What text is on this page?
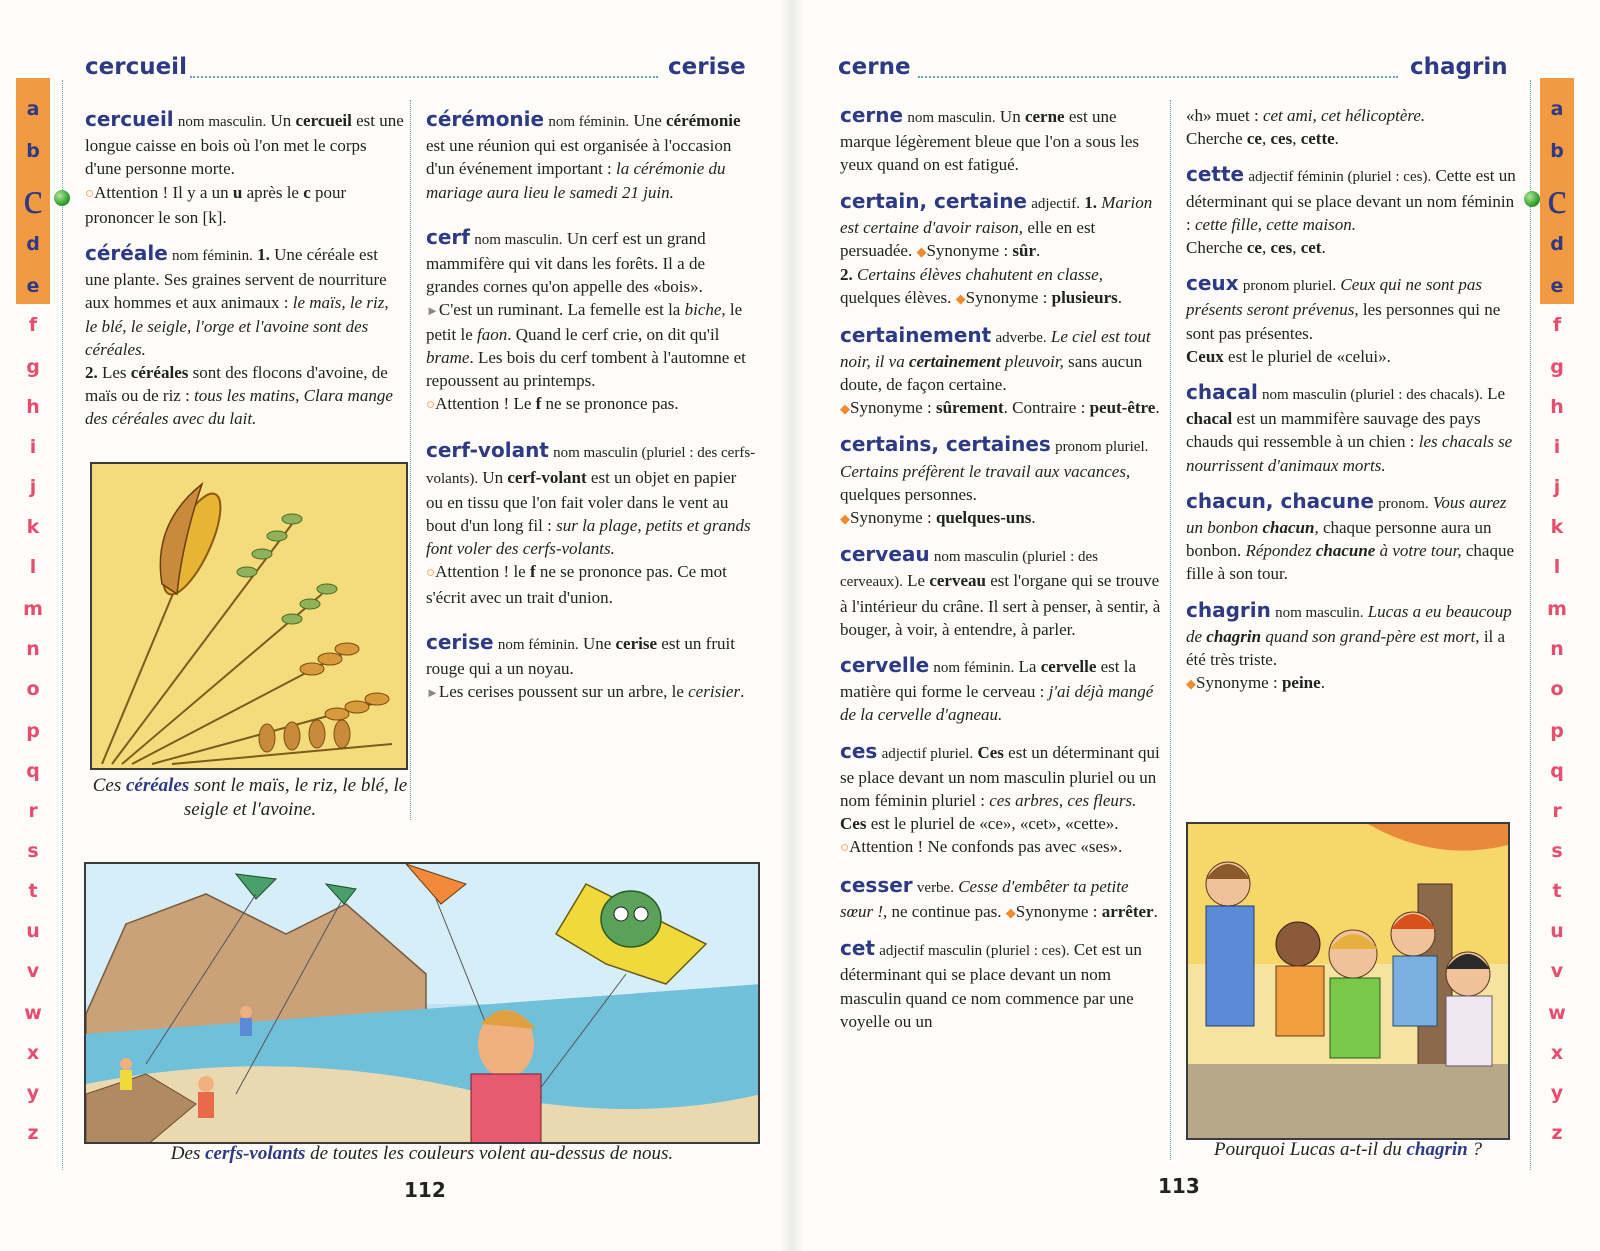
cercueil	cerise
a
b
c
d
e
f
g
h
i
j
k
l
m
n
o
p
q
r
s
t
u
v
w
x
y
z
cercueil nom masculin. Un cercueil est une longue caisse en bois où l'on met le corps d'une personne morte.
○Attention ! Il y a un u après le c pour prononcer le son [k].
céréale nom féminin. 1. Une céréale est une plante. Ses graines servent de nourriture aux hommes et aux animaux : le maïs, le riz, le blé, le seigle, l'orge et l'avoine sont des céréales.
2. Les céréales sont des flocons d'avoine, de maïs ou de riz : tous les matins, Clara mange des céréales avec du lait.
Ces céréales sont le maïs, le riz, le blé, le seigle et l'avoine.
cérémonie nom féminin. Une cérémonie est une réunion qui est organisée à l'occasion d'un événement important : la cérémonie du mariage aura lieu le samedi 21 juin.
cerf nom masculin. Un cerf est un grand mammifère qui vit dans les forêts. Il a de grandes cornes qu'on appelle des «bois».
►C'est un ruminant. La femelle est la biche, le petit le faon. Quand le cerf crie, on dit qu'il brame. Les bois du cerf tombent à l'automne et repoussent au printemps.
○Attention ! Le f ne se prononce pas.
cerf-volant nom masculin (pluriel : des cerfs-volants). Un cerf-volant est un objet en papier ou en tissu que l'on fait voler dans le vent au bout d'un long fil : sur la plage, petits et grands font voler des cerfs-volants.
○Attention ! le f ne se prononce pas. Ce mot s'écrit avec un trait d'union.
cerise nom féminin. Une cerise est un fruit rouge qui a un noyau.
►Les cerises poussent sur un arbre, le cerisier.
Des cerfs-volants de toutes les couleurs volent au-dessus de nous.
112
cerne	chagrin
a
b
c
d
e
f
g
h
i
j
k
l
m
n
o
p
q
r
s
t
u
v
w
x
y
z
cerne nom masculin. Un cerne est une marque légèrement bleue que l'on a sous les yeux quand on est fatigué.
certain, certaine adjectif. 1. Marion est certaine d'avoir raison, elle en est persuadée. ◆Synonyme : sûr.
2. Certains élèves chahutent en classe, quelques élèves. ◆Synonyme : plusieurs.
certainement adverbe. Le ciel est tout noir, il va certainement pleuvoir, sans aucun doute, de façon certaine.
◆Synonyme : sûrement. Contraire : peut-être.
certains, certaines pronom pluriel. Certains préfèrent le travail aux vacances, quelques personnes.
◆Synonyme : quelques-uns.
cerveau nom masculin (pluriel : des cerveaux). Le cerveau est l'organe qui se trouve à l'intérieur du crâne. Il sert à penser, à sentir, à bouger, à voir, à entendre, à parler.
cervelle nom féminin. La cervelle est la matière qui forme le cerveau : j'ai déjà mangé de la cervelle d'agneau.
ces adjectif pluriel. Ces est un déterminant qui se place devant un nom masculin pluriel ou un nom féminin pluriel : ces arbres, ces fleurs.
Ces est le pluriel de «ce», «cet», «cette».
○Attention ! Ne confonds pas avec «ses».
cesser verbe. Cesse d'embêter ta petite sœur !, ne continue pas. ◆Synonyme : arrêter.
cet adjectif masculin (pluriel : ces). Cet est un déterminant qui se place devant un nom masculin quand ce nom commence par une voyelle ou un
«h» muet : cet ami, cet hélicoptère.
Cherche ce, ces, cette.
cette adjectif féminin (pluriel : ces). Cette est un déterminant qui se place devant un nom féminin : cette fille, cette maison.
Cherche ce, ces, cet.
ceux pronom pluriel. Ceux qui ne sont pas présents seront prévenus, les personnes qui ne sont pas présentes.
Ceux est le pluriel de «celui».
chacal nom masculin (pluriel : des chacals). Le chacal est un mammifère sauvage des pays chauds qui ressemble à un chien : les chacals se nourrissent d'animaux morts.
chacun, chacune pronom. Vous aurez un bonbon chacun, chaque personne aura un bonbon. Répondez chacune à votre tour, chaque fille à son tour.
chagrin nom masculin. Lucas a eu beaucoup de chagrin quand son grand-père est mort, il a été très triste.
◆Synonyme : peine.
Pourquoi Lucas a-t-il du chagrin ?
113
